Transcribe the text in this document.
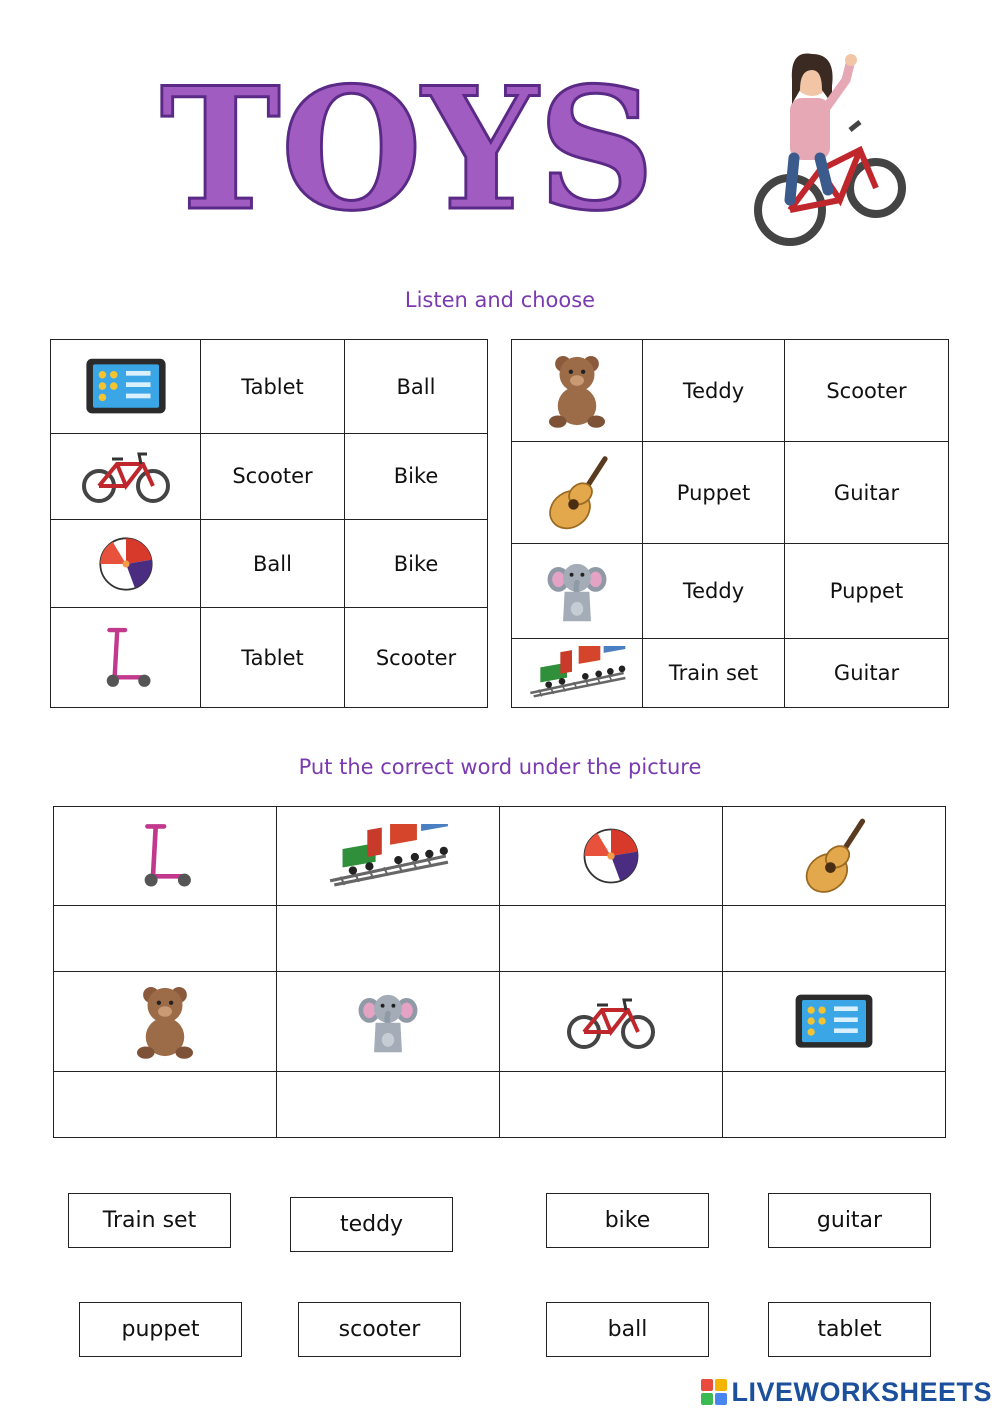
TOYS
Listen and choose
	Tablet	Ball

	Scooter	Bike

	Ball	Bike

	Tablet	Scooter
	Teddy	Scooter

	Puppet	Guitar

	Teddy	Puppet

	Train set	Guitar
Put the correct word under the picture

Train set	teddy	bike	guitar
puppet	scooter	ball	tablet
LIVEWORKSHEETS
